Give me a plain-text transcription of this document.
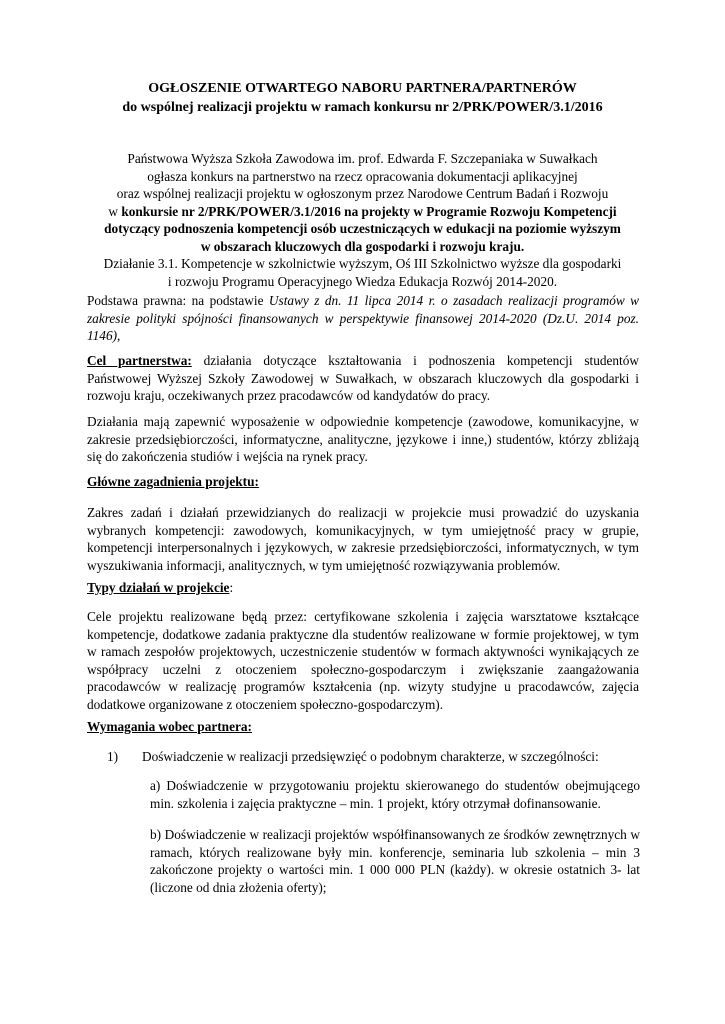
OGŁOSZENIE OTWARTEGO NABORU PARTNERA/PARTNERÓW
do wspólnej realizacji projektu w ramach konkursu nr 2/PRK/POWER/3.1/2016
Państwowa Wyższa Szkoła Zawodowa im. prof. Edwarda F. Szczepaniaka w Suwałkach
ogłasza konkurs na partnerstwo na rzecz opracowania dokumentacji aplikacyjnej
oraz wspólnej realizacji projektu w ogłoszonym przez Narodowe Centrum Badań i Rozwoju
w konkursie nr 2/PRK/POWER/3.1/2016 na projekty w Programie Rozwoju Kompetencji
dotyczący podnoszenia kompetencji osób uczestniczących w edukacji na poziomie wyższym
w obszarach kluczowych dla gospodarki i rozwoju kraju.
Działanie 3.1. Kompetencje w szkolnictwie wyższym, Oś III Szkolnictwo wyższe dla gospodarki
i rozwoju Programu Operacyjnego Wiedza Edukacja Rozwój 2014-2020.
Podstawa prawna: na podstawie Ustawy z dn. 11 lipca 2014 r. o zasadach realizacji programów w zakresie polityki spójności finansowanych w perspektywie finansowej 2014-2020 (Dz.U. 2014 poz. 1146),
Cel partnerstwa: działania dotyczące kształtowania i podnoszenia kompetencji studentów Państwowej Wyższej Szkoły Zawodowej w Suwałkach, w obszarach kluczowych dla gospodarki i rozwoju kraju, oczekiwanych przez pracodawców od kandydatów do pracy.
Działania mają zapewnić wyposażenie w odpowiednie kompetencje (zawodowe, komunikacyjne, w zakresie przedsiębiorczości, informatyczne, analityczne, językowe i inne,) studentów, którzy zbliżają się do zakończenia studiów i wejścia na rynek pracy.
Główne zagadnienia projektu:
Zakres zadań i działań przewidzianych do realizacji w projekcie musi prowadzić do uzyskania wybranych kompetencji: zawodowych, komunikacyjnych, w tym umiejętność pracy w grupie, kompetencji interpersonalnych i językowych, w zakresie przedsiębiorczości, informatycznych, w tym wyszukiwania informacji, analitycznych, w tym umiejętność rozwiązywania problemów.
Typy działań w projekcie:
Cele projektu realizowane będą przez: certyfikowane szkolenia i zajęcia warsztatowe kształcące kompetencje, dodatkowe zadania praktyczne dla studentów realizowane w formie projektowej, w tym w ramach zespołów projektowych, uczestniczenie studentów w formach aktywności wynikających ze współpracy uczelni z otoczeniem społeczno-gospodarczym i zwiększanie zaangażowania pracodawców w realizację programów kształcenia (np. wizyty studyjne u pracodawców, zajęcia dodatkowe organizowane z otoczeniem społeczno-gospodarczym).
Wymagania wobec partnera:
1) Doświadczenie w realizacji przedsięwzięć o podobnym charakterze, w szczególności:
a) Doświadczenie w przygotowaniu projektu skierowanego do studentów obejmującego min. szkolenia i zajęcia praktyczne – min. 1 projekt, który otrzymał dofinansowanie.
b) Doświadczenie w realizacji projektów współfinansowanych ze środków zewnętrznych w ramach, których realizowane były min. konferencje, seminaria lub szkolenia – min 3 zakończone projekty o wartości min. 1 000 000 PLN (każdy). w okresie ostatnich 3- lat (liczone od dnia złożenia oferty);
